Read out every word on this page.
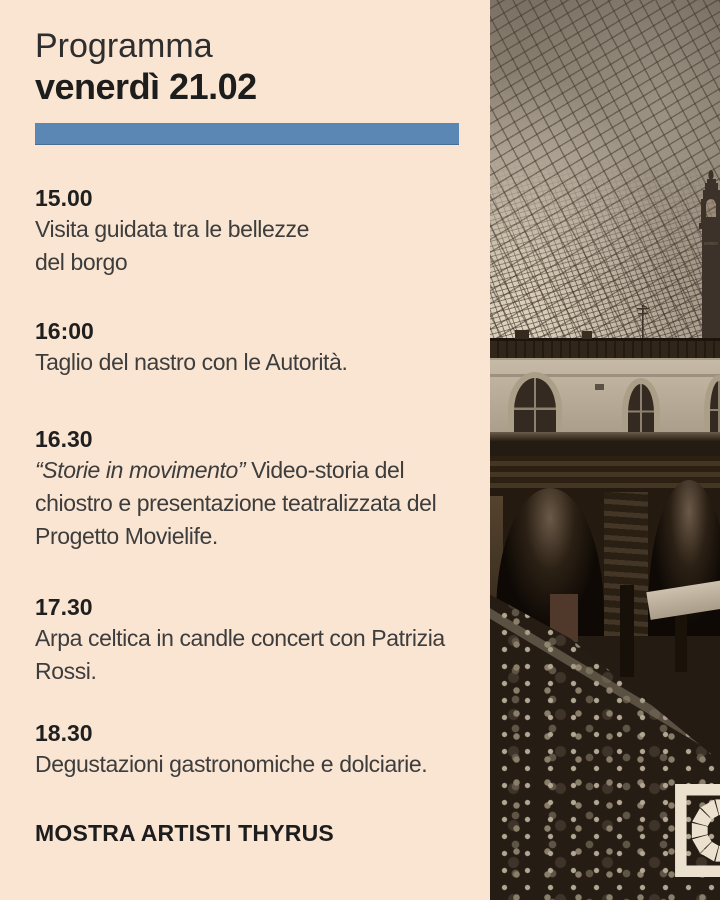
Programma
venerdì 21.02
15.00
Visita guidata tra le bellezze
del borgo
16:00
Taglio del nastro con le Autorità.
16.30
“Storie in movimento” Video-storia del
chiostro e presentazione teatralizzata del
Progetto Movielife.
17.30
Arpa celtica in candle concert con Patrizia
Rossi.
18.30
Degustazioni gastronomiche e dolciarie.
MOSTRA ARTISTI THYRUS
